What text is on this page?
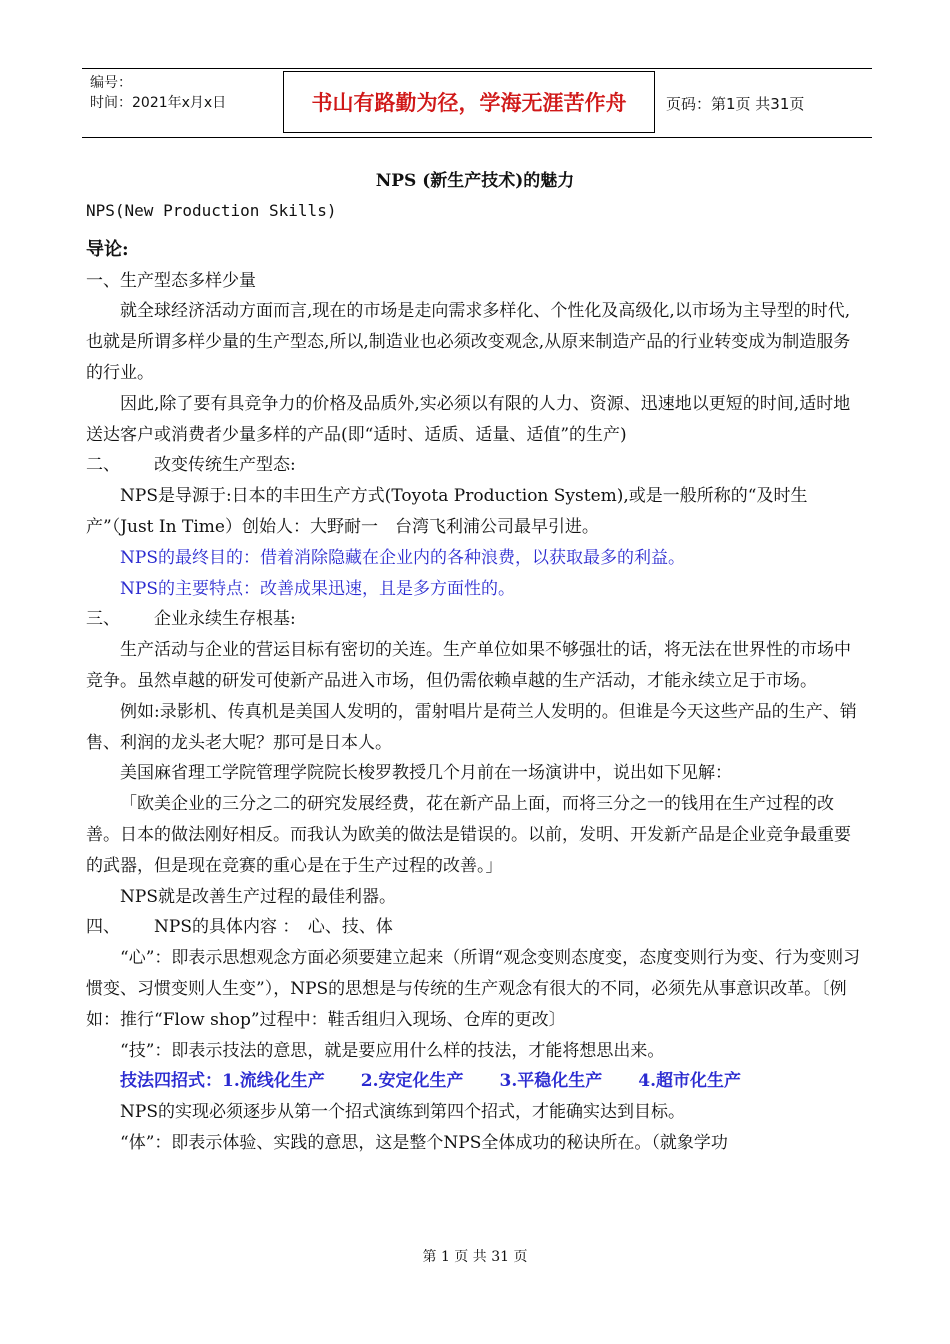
编号：
时间：2021年x月x日	书山有路勤为径，学海无涯苦作舟	页码：第1页 共31页
NPS (新生产技术)的魅力

NPS(New Production Skills)

导论:

一、生产型态多样少量

就全球经济活动方面而言,现在的市场是走向需求多样化、个性化及高级化,以市场为主导型的时代,也就是所谓多样少量的生产型态,所以,制造业也必须改变观念,从原来制造产品的行业转变成为制造服务的行业。

因此,除了要有具竞争力的价格及品质外,实必须以有限的人力、资源、迅速地以更短的时间,适时地送达客户或消费者少量多样的产品(即“适时、适质、适量、适值”的生产)

二、 改变传统生产型态:

NPS是导源于:日本的丰田生产方式(Toyota Production System),或是一般所称的“及时生产”（Just In Time）创始人：大野耐一　台湾飞利浦公司最早引进。

NPS的最终目的：借着消除隐藏在企业内的各种浪费，以获取最多的利益。

NPS的主要特点：改善成果迅速，且是多方面性的。

三、 企业永续生存根基:

生产活动与企业的营运目标有密切的关连。生产单位如果不够强壮的话，将无法在世界性的市场中竞争。虽然卓越的研发可使新产品进入市场，但仍需依赖卓越的生产活动，才能永续立足于市场。

例如:录影机、传真机是美国人发明的，雷射唱片是荷兰人发明的。但谁是今天这些产品的生产、销售、利润的龙头老大呢？那可是日本人。

美国麻省理工学院管理学院院长梭罗教授几个月前在一场演讲中，说出如下见解：

「欧美企业的三分之二的研究发展经费，花在新产品上面，而将三分之一的钱用在生产过程的改善。日本的做法刚好相反。而我认为欧美的做法是错误的。以前，发明、开发新产品是企业竞争最重要的武器，但是现在竞赛的重心是在于生产过程的改善。」

NPS就是改善生产过程的最佳利器。

四、 NPS的具体内容 ：　心、技、体

“心”：即表示思想观念方面必须要建立起来（所谓“观念变则态度变，态度变则行为变、行为变则习惯变、习惯变则人生变”），NPS的思想是与传统的生产观念有很大的不同，必须先从事意识改革。〔例如：推行“Flow shop”过程中：鞋舌组归入现场、仓库的更改〕

“技”：即表示技法的意思，就是要应用什么样的技法，才能将想思出来。

技法四招式：1.流线化生产 2.安定化生产 3.平稳化生产 4.超市化生产

NPS的实现必须逐步从第一个招式演练到第四个招式，才能确实达到目标。

“体”：即表示体验、实践的意思，这是整个NPS全体成功的秘诀所在。（就象学功

第 1 页 共 31 页
